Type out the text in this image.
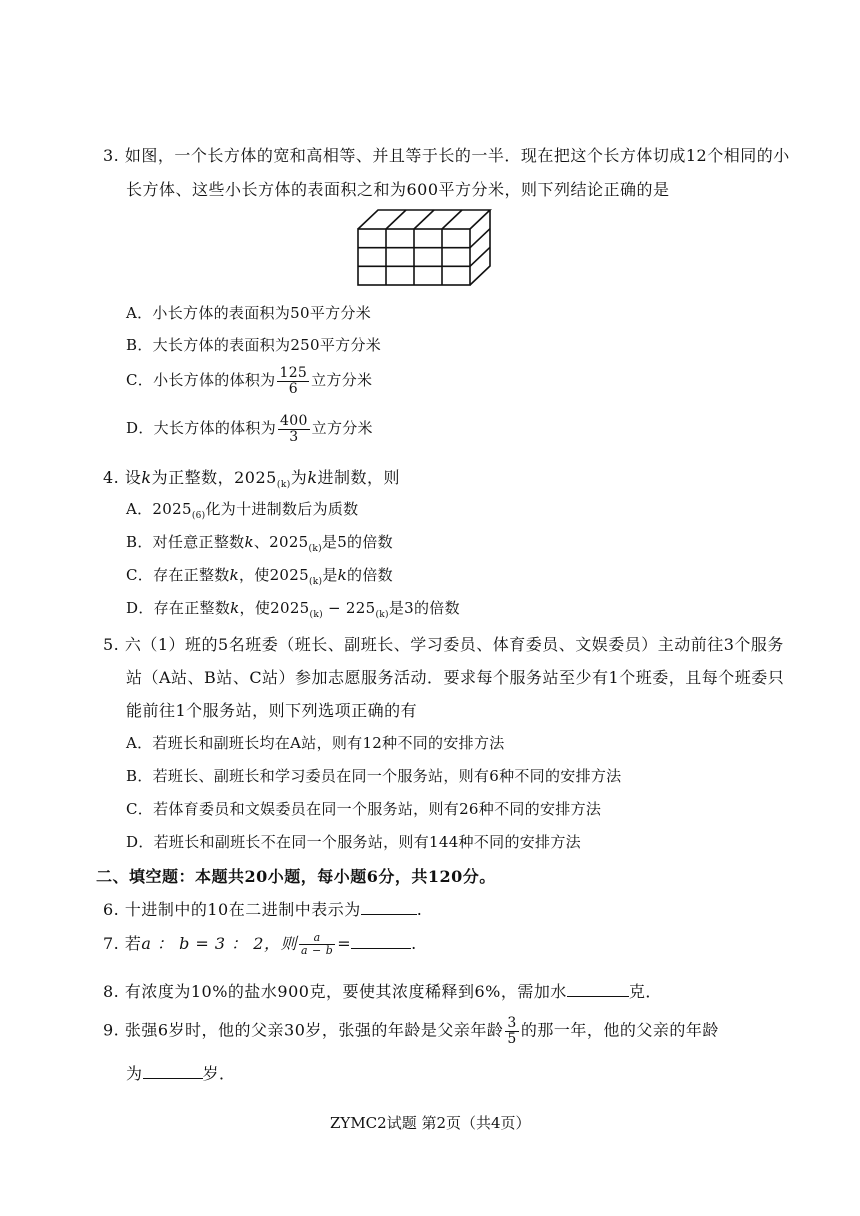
3. 如图，一个长方体的宽和高相等、并且等于长的一半．现在把这个长方体切成12个相同的小
长方体、这些小长方体的表面积之和为600平方分米，则下列结论正确的是
A．小长方体的表面积为50平方分米
B．大长方体的表面积为250平方分米
C．小长方体的体积为 $\frac{125}{6}$ 立方分米
D．大长方体的体积为 $\frac{400}{3}$ 立方分米
4. 设k为正整数，$2025_{(k)}$为k进制数，则
A．$2025_{(6)}$化为十进制数后为质数
B．对任意正整数k、$2025_{(k)}$是5的倍数
C．存在正整数k，使$2025_{(k)}$是k的倍数
D．存在正整数k，使$2025_{(k)} - 225_{(k)}$是3的倍数
5. 六（1）班的5名班委（班长、副班长、学习委员、体育委员、文娱委员）主动前往3个服务
站（A站、B站、C站）参加志愿服务活动．要求每个服务站至少有1个班委，且每个班委只
能前往1个服务站，则下列选项正确的有
A．若班长和副班长均在A站，则有12种不同的安排方法
B．若班长、副班长和学习委员在同一个服务站，则有6种不同的安排方法
C．若体育委员和文娱委员在同一个服务站，则有26种不同的安排方法
D．若班长和副班长不在同一个服务站，则有144种不同的安排方法
二、填空题：本题共20小题，每小题6分，共120分。
6. 十进制中的10在二进制中表示为	.
7. 若a ： b = 3 ： 2，则 $\frac{a}{a - b}$ =	.
8. 有浓度为10%的盐水900克，要使其浓度稀释到6%，需加水	克．
9. 张强6岁时，他的父亲30岁，张强的年龄是父亲年龄 $\frac{3}{5}$ 的那一年，他的父亲的年龄
为	岁．
ZYMC2试题 第2页（共4页）
